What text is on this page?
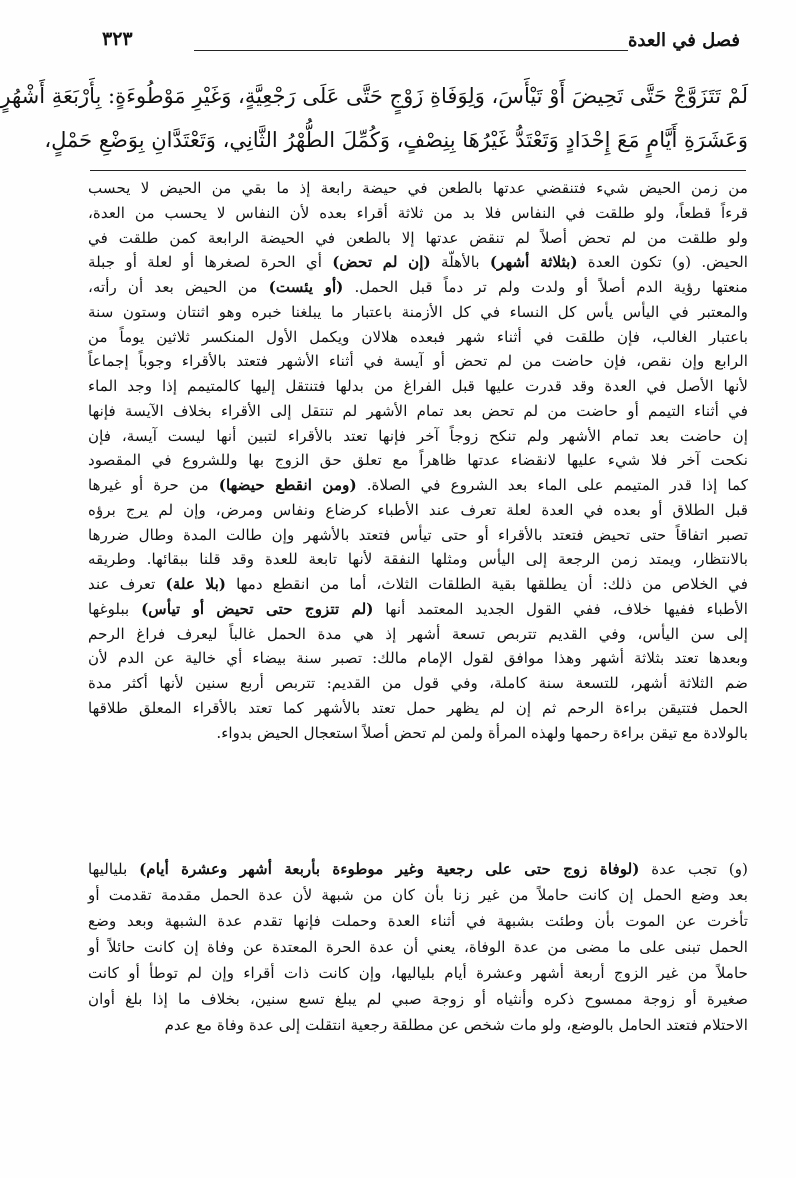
فصل في العدة
٣٢٣
لَمْ تَتَزَوَّجْ حَتَّى تَحِيضَ أَوْ تَيْأَسَ، وَلِوَفَاةِ زَوْجٍ حَتَّى عَلَى رَجْعِيَّةٍ، وَغَيْرِ مَوْطُوءَةٍ: بِأَرْبَعَةِ أَشْهُرٍ
وَعَشَرَةِ أَيَّامٍ مَعَ إِحْدَادٍ وَتَعْتَدُّ غَيْرُهَا بِنِصْفٍ، وَكُمِّلَ الطُّهْرُ الثَّانِي، وَتَعْتَدَّانِ بِوَضْعِ حَمْلٍ،
من زمن الحيض شيء فتنقضي عدتها بالطعن في حيضة رابعة إذ ما بقي من الحيض لا يحسب
قرءاً قطعاً، ولو طلقت في النفاس فلا بد من ثلاثة أقراء بعده لأن النفاس لا يحسب من العدة،
ولو طلقت من لم تحض أصلاً لم تنقض عدتها إلا بالطعن في الحيضة الرابعة كمن طلقت في
الحيض. (و) تكون العدة (بثلاثة أشهر) بالأهلّة (إن لم تحض) أي الحرة لصغرها أو لعلة أو جبلة
منعتها رؤية الدم أصلاً أو ولدت ولم تر دماً قبل الحمل. (أو يئست) من الحيض بعد أن رأته،
والمعتبر في اليأس يأس كل النساء في كل الأزمنة باعتبار ما يبلغنا خبره وهو اثنتان وستون سنة
باعتبار الغالب، فإن طلقت في أثناء شهر فبعده هلالان ويكمل الأول المنكسر ثلاثين يوماً من
الرابع وإن نقص، فإن حاضت من لم تحض أو آيسة في أثناء الأشهر فتعتد بالأقراء وجوباً إجماعاً
لأنها الأصل في العدة وقد قدرت عليها قبل الفراغ من بدلها فتنتقل إليها كالمتيمم إذا وجد الماء
في أثناء التيمم أو حاضت من لم تحض بعد تمام الأشهر لم تنتقل إلى الأقراء بخلاف الآيسة فإنها
إن حاضت بعد تمام الأشهر ولم تنكح زوجاً آخر فإنها تعتد بالأقراء لتبين أنها ليست آيسة، فإن
نكحت آخر فلا شيء عليها لانقضاء عدتها ظاهراً مع تعلق حق الزوج بها وللشروع في المقصود
كما إذا قدر المتيمم على الماء بعد الشروع في الصلاة. (ومن انقطع حيضها) من حرة أو غيرها
قبل الطلاق أو بعده في العدة لعلة تعرف عند الأطباء كرضاع ونفاس ومرض، وإن لم يرج برؤه
تصبر اتفاقاً حتى تحيض فتعتد بالأقراء أو حتى تيأس فتعتد بالأشهر وإن طالت المدة وطال ضررها
بالانتظار، ويمتد زمن الرجعة إلى اليأس ومثلها النفقة لأنها تابعة للعدة وقد قلنا ببقائها. وطريقه
في الخلاص من ذلك: أن يطلقها بقية الطلقات الثلاث، أما من انقطع دمها (بلا علة) تعرف عند
الأطباء ففيها خلاف، ففي القول الجديد المعتمد أنها (لم تتزوج حتى تحيض أو تيأس) ببلوغها
إلى سن اليأس، وفي القديم تتربص تسعة أشهر إذ هي مدة الحمل غالباً ليعرف فراغ الرحم
وبعدها تعتد بثلاثة أشهر وهذا موافق لقول الإمام مالك: تصبر سنة بيضاء أي خالية عن الدم لأن
ضم الثلاثة أشهر، للتسعة سنة كاملة، وفي قول من القديم: تتربص أربع سنين لأنها أكثر مدة
الحمل فتتيقن براءة الرحم ثم إن لم يظهر حمل تعتد بالأشهر كما تعتد بالأقراء المعلق طلاقها
بالولادة مع تيقن براءة رحمها ولهذه المرأة ولمن لم تحض أصلاً استعجال الحيض بدواء.
(و) تجب عدة (لوفاة زوج حتى على رجعية وغير موطوءة بأربعة أشهر وعشرة أيام) بلياليها
بعد وضع الحمل إن كانت حاملاً من غير زنا بأن كان من شبهة لأن عدة الحمل مقدمة تقدمت أو
تأخرت عن الموت بأن وطئت بشبهة في أثناء العدة وحملت فإنها تقدم عدة الشبهة وبعد وضع
الحمل تبنى على ما مضى من عدة الوفاة، يعني أن عدة الحرة المعتدة عن وفاة إن كانت حائلاً أو
حاملاً من غير الزوج أربعة أشهر وعشرة أيام بلياليها، وإن كانت ذات أقراء وإن لم توطأ أو كانت
صغيرة أو زوجة ممسوح ذكره وأنثياه أو زوجة صبي لم يبلغ تسع سنين، بخلاف ما إذا بلغ أوان
الاحتلام فتعتد الحامل بالوضع، ولو مات شخص عن مطلقة رجعية انتقلت إلى عدة وفاة مع عدم
